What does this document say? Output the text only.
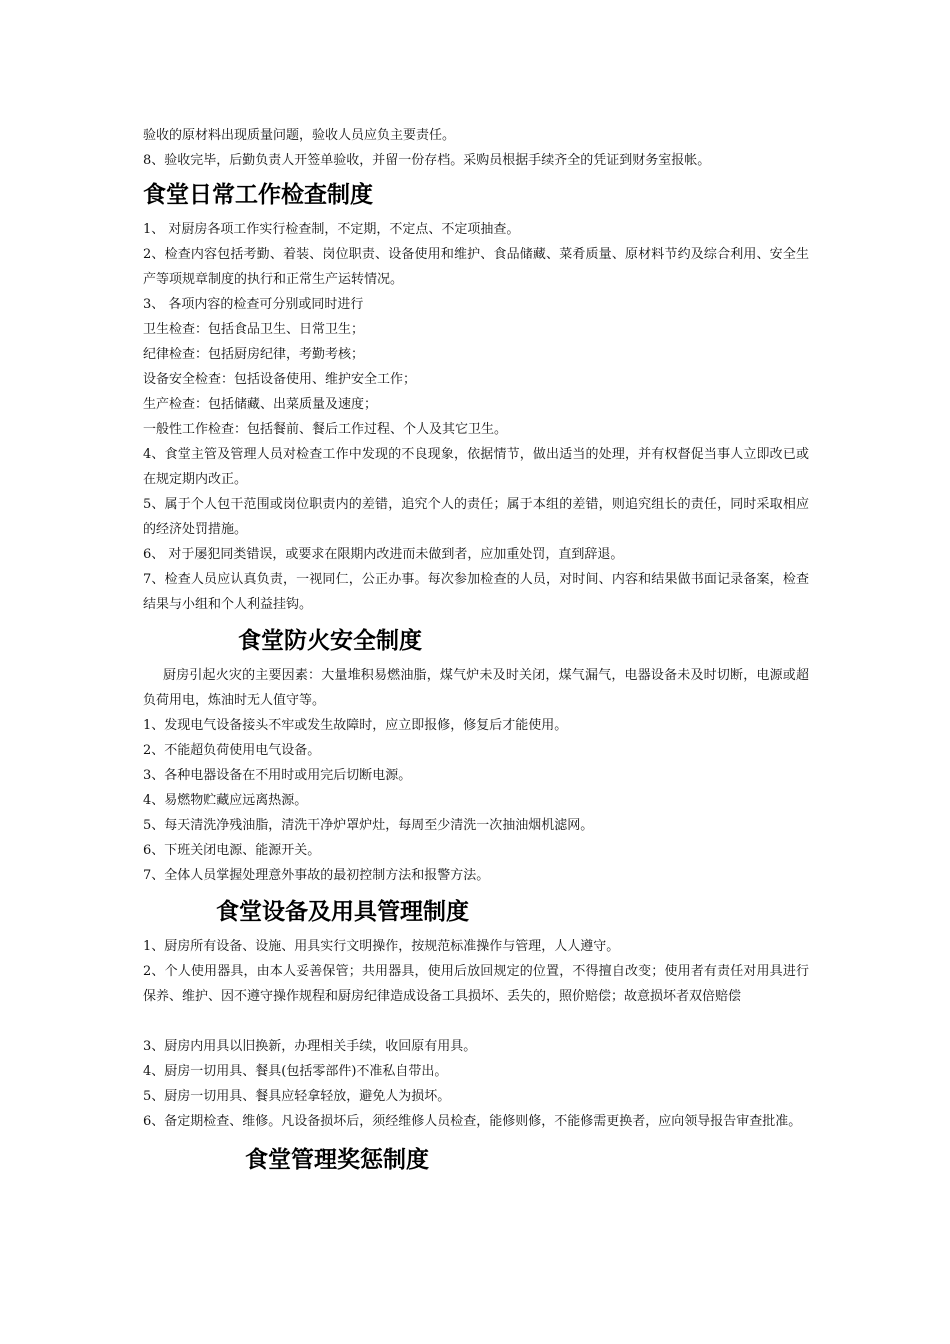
验收的原材料出现质量问题，验收人员应负主要责任。

8、验收完毕，后勤负责人开签单验收，并留一份存档。采购员根据手续齐全的凭证到财务室报帐。

食堂日常工作检查制度

1、 对厨房各项工作实行检查制，不定期，不定点、不定项抽查。

2、检查内容包括考勤、着装、岗位职责、设备使用和维护、食品储藏、菜肴质量、原材料节约及综合利用、安全生产等项规章制度的执行和正常生产运转情况。

3、 各项内容的检查可分别或同时进行

卫生检查：包括食品卫生、日常卫生；

纪律检查：包括厨房纪律，考勤考核；

设备安全检查：包括设备使用、维护安全工作；

生产检查：包括储藏、出菜质量及速度；

一般性工作检查：包括餐前、餐后工作过程、个人及其它卫生。

4、食堂主管及管理人员对检查工作中发现的不良现象，依据情节，做出适当的处理，并有权督促当事人立即改已或在规定期内改正。

5、属于个人包干范围或岗位职责内的差错，追究个人的责任；属于本组的差错，则追究组长的责任，同时采取相应的经济处罚措施。

6、 对于屡犯同类错误，或要求在限期内改进而未做到者，应加重处罚，直到辞退。

7、检查人员应认真负责，一视同仁，公正办事。每次参加检查的人员，对时间、内容和结果做书面记录备案，检查结果与小组和个人利益挂钩。

食堂防火安全制度

厨房引起火灾的主要因素：大量堆积易燃油脂，煤气炉未及时关闭，煤气漏气，电器设备未及时切断，电源或超负荷用电，炼油时无人值守等。

1、发现电气设备接头不牢或发生故障时，应立即报修，修复后才能使用。

2、不能超负荷使用电气设备。

3、各种电器设备在不用时或用完后切断电源。

4、易燃物贮藏应远离热源。

5、每天清洗净残油脂，清洗干净炉罩炉灶，每周至少清洗一次抽油烟机滤网。

6、下班关闭电源、能源开关。

7、全体人员掌握处理意外事故的最初控制方法和报警方法。

食堂设备及用具管理制度

1、厨房所有设备、设施、用具实行文明操作，按规范标准操作与管理，人人遵守。

2、个人使用器具，由本人妥善保管；共用器具，使用后放回规定的位置，不得擅自改变；使用者有责任对用具进行保养、维护、因不遵守操作规程和厨房纪律造成设备工具损坏、丢失的，照价赔偿；故意损坏者双倍赔偿

3、厨房内用具以旧换新，办理相关手续，收回原有用具。

4、厨房一切用具、餐具(包括零部件)不准私自带出。

5、厨房一切用具、餐具应轻拿轻放，避免人为损坏。

6、备定期检查、维修。凡设备损坏后，须经维修人员检查，能修则修，不能修需更换者，应向领导报告审查批准。

食堂管理奖惩制度
